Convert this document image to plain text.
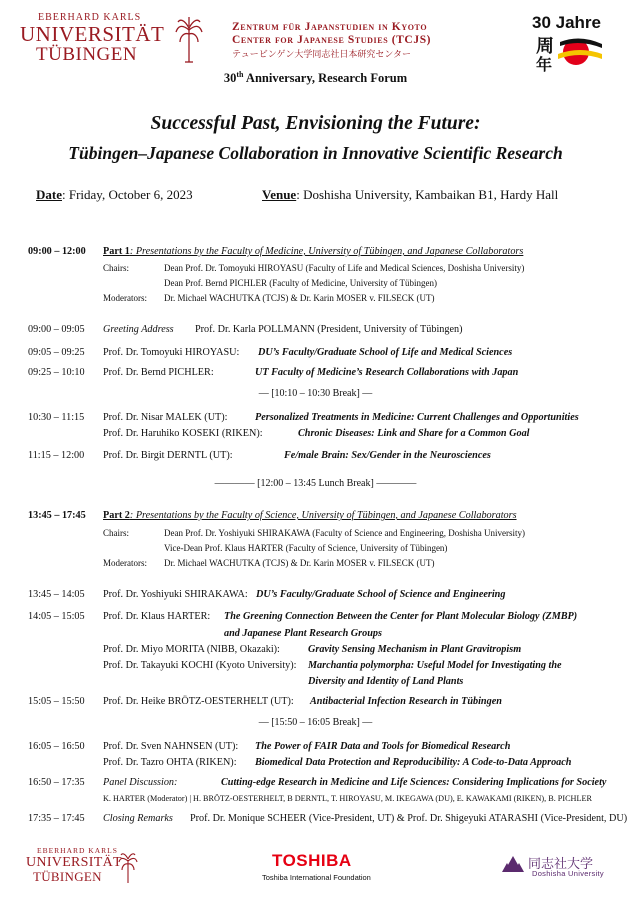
EBERHARD KARLS
UNIVERSITÄT
TÜBINGEN
Zentrum für Japanstudien in Kyoto
Center for Japanese Studies (TCJS)
テュービンゲン大学同志社日本研究センター
30 Jahre
周
年
30th Anniversary, Research Forum
Successful Past, Envisioning the Future:
Tübingen–Japanese Collaboration in Innovative Scientific Research
Date: Friday, October 6, 2023	Venue: Doshisha University, Kambaikan B1, Hardy Hall
09:00 – 12:00 Part 1: Presentations by the Faculty of Medicine, University of Tübingen, and Japanese Collaborators
Chairs:	Dean Prof. Dr. Tomoyuki HIROYASU (Faculty of Life and Medical Sciences, Doshisha University)
Dean Prof. Bernd PICHLER (Faculty of Medicine, University of Tübingen)
Moderators: Dr. Michael WACHUTKA (TCJS) & Dr. Karin MOSER v. FILSECK (UT)
09:00 – 09:05 Greeting Address Prof. Dr. Karla POLLMANN (President, University of Tübingen)
09:05 – 09:25 Prof. Dr. Tomoyuki HIROYASU: DU’s Faculty/Graduate School of Life and Medical Sciences
09:25 – 10:10 Prof. Dr. Bernd PICHLER:	UT Faculty of Medicine’s Research Collaborations with Japan
— [10:10 – 10:30 Break] —
10:30 – 11:15 Prof. Dr. Nisar MALEK (UT):	Personalized Treatments in Medicine: Current Challenges and Opportunities
Prof. Dr. Haruhiko KOSEKI (RIKEN):	Chronic Diseases: Link and Share for a Common Goal
11:15 – 12:00 Prof. Dr. Birgit DERNTL (UT):	Fe/male Brain: Sex/Gender in the Neurosciences
———— [12:00 – 13:45 Lunch Break] ————
13:45 – 17:45 Part 2: Presentations by the Faculty of Science, University of Tübingen, and Japanese Collaborators
Chairs:	Dean Prof. Dr. Yoshiyuki SHIRAKAWA (Faculty of Science and Engineering, Doshisha University)
Vice-Dean Prof. Klaus HARTER (Faculty of Science, University of Tübingen)
Moderators: Dr. Michael WACHUTKA (TCJS) & Dr. Karin MOSER v. FILSECK (UT)
13:45 – 14:05 Prof. Dr. Yoshiyuki SHIRAKAWA: DU’s Faculty/Graduate School of Science and Engineering
14:05 – 15:05 Prof. Dr. Klaus HARTER: The Greening Connection Between the Center for Plant Molecular Biology (ZMBP)
and Japanese Plant Research Groups
Prof. Dr. Miyo MORITA (NIBB, Okazaki):	Gravity Sensing Mechanism in Plant Gravitropism
Prof. Dr. Takayuki KOCHI (Kyoto University): Marchantia polymorpha: Useful Model for Investigating the
Diversity and Identity of Land Plants
15:05 – 15:50 Prof. Dr. Heike BRÖTZ-OESTERHELT (UT): Antibacterial Infection Research in Tübingen
— [15:50 – 16:05 Break] —
16:05 – 16:50 Prof. Dr. Sven NAHNSEN (UT): The Power of FAIR Data and Tools for Biomedical Research
Prof. Dr. Tazro OHTA (RIKEN): Biomedical Data Protection and Reproducibility: A Code-to-Data Approach
16:50 – 17:35 Panel Discussion:	Cutting-edge Research in Medicine and Life Sciences: Considering Implications for Society
K. HARTER (Moderator) | H. BRÖTZ-OESTERHELT, B DERNTL, T. HIROYASU, M. IKEGAWA (DU), E. KAWAKAMI (RIKEN), B. PICHLER
17:35 – 17:45 Closing Remarks Prof. Dr. Monique SCHEER (Vice-President, UT) & Prof. Dr. Shigeyuki ATARASHI (Vice-President, DU)
EBERHARD KARLS
UNIVERSITÄT
TÜBINGEN
TOSHIBA
Toshiba International Foundation
同志社大学
Doshisha University
